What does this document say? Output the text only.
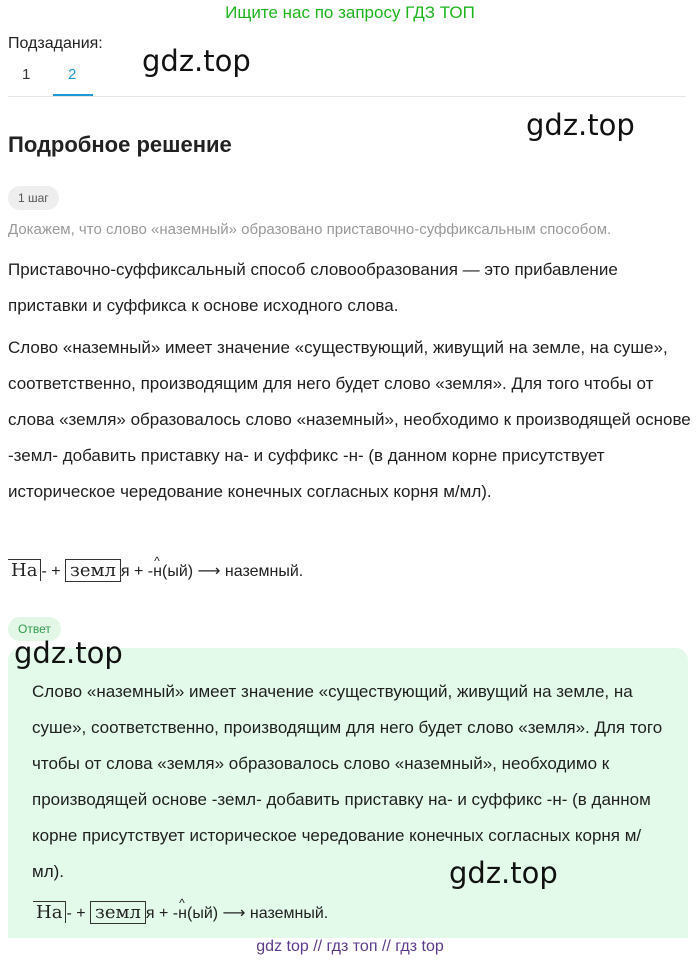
Ищите нас по запросу ГДЗ ТОП
Подзадания:
1	2 gdz.top
gdz.top
Подробное решение
1 шаг
Докажем, что слово «наземный» образовано приставочно-суффиксальным способом.
Приставочно-суффиксальный способ словообразования — это прибавление приставки и суффикса к основе исходного слова.
Слово «наземный» имеет значение «существующий, живущий на земле, на суше», соответственно, производящим для него будет слово «земля». Для того чтобы от слова «земля» образовалось слово «наземный», необходимо к производящей основе -земл- добавить приставку на- и суффикс -н- (в данном корне присутствует историческое чередование конечных согласных корня м/мл).
На - + земл я + -^ н(ый) ⟶ наземный.
Ответ
Слово «наземный» имеет значение «существующий, живущий на земле, на суше», соответственно, производящим для него будет слово «земля». Для того чтобы от слова «земля» образовалось слово «наземный», необходимо к производящей основе -земл- добавить приставку на- и суффикс -н- (в данном корне присутствует историческое чередование конечных согласных корня м/мл).
На - + земл я + -^ н(ый) ⟶ наземный.
gdz.top
gdz.top
gdz top // гдз топ // гдз top
